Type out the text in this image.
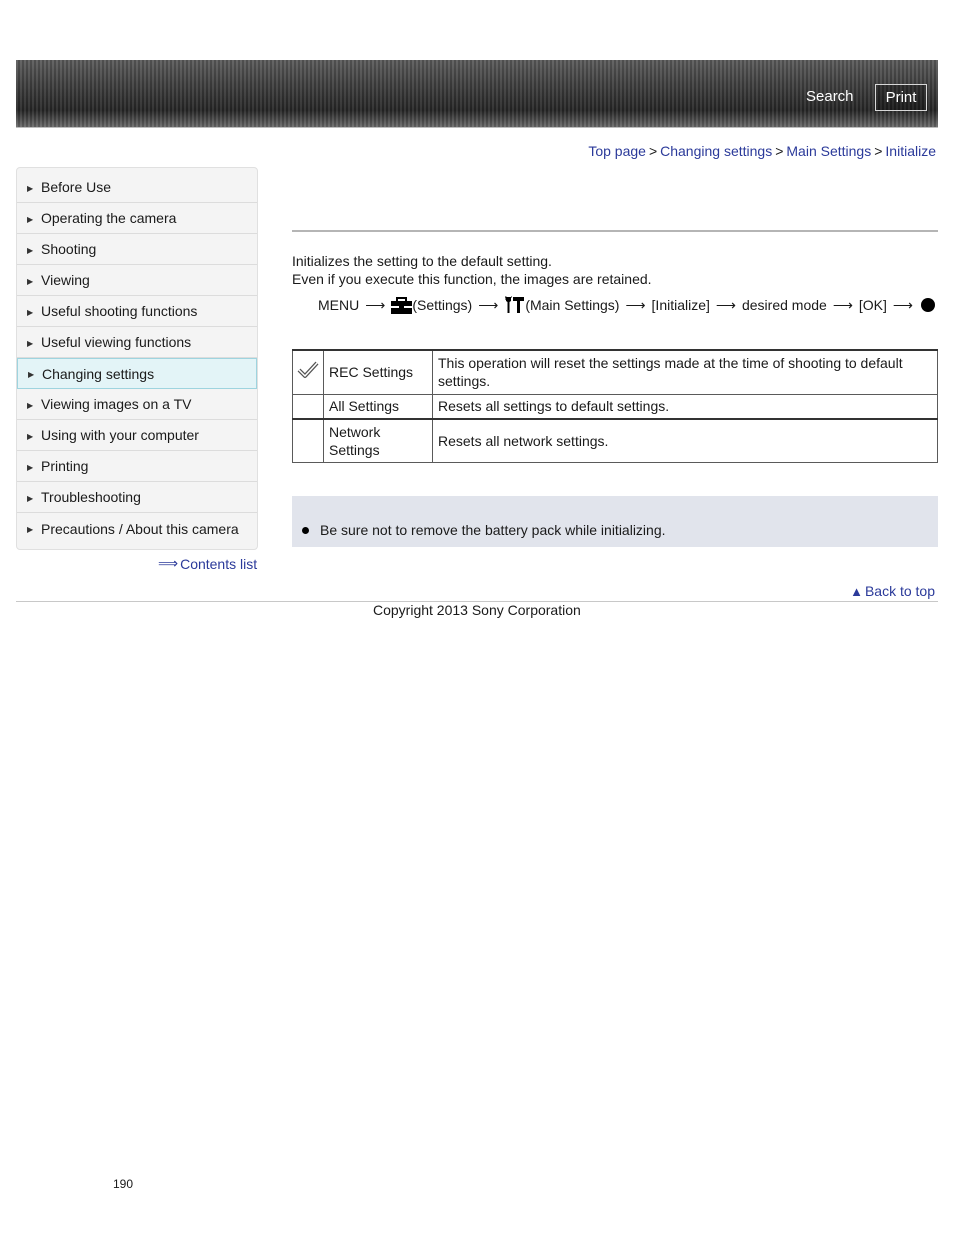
Search	Print
Top page > Changing settings > Main Settings > Initialize
▶ Before Use
▶ Operating the camera
▶ Shooting
▶ Viewing
▶ Useful shooting functions
▶ Useful viewing functions
▶ Changing settings
▶ Viewing images on a TV
▶ Using with your computer
▶ Printing
▶ Troubleshooting
▶ Precautions / About this camera
⟹ Contents list
Initializes the setting to the default setting.
Even if you execute this function, the images are retained.
MENU ⟶ (Settings) ⟶ (Main Settings) ⟶ [Initialize] ⟶ desired mode ⟶ [OK] ⟶
	REC Settings	This operation will reset the settings made at the time of shooting to default settings.
	All Settings	Resets all settings to default settings.
	Network Settings	Resets all network settings.
Be sure not to remove the battery pack while initializing.
▲ Back to top
Copyright 2013 Sony Corporation
190
